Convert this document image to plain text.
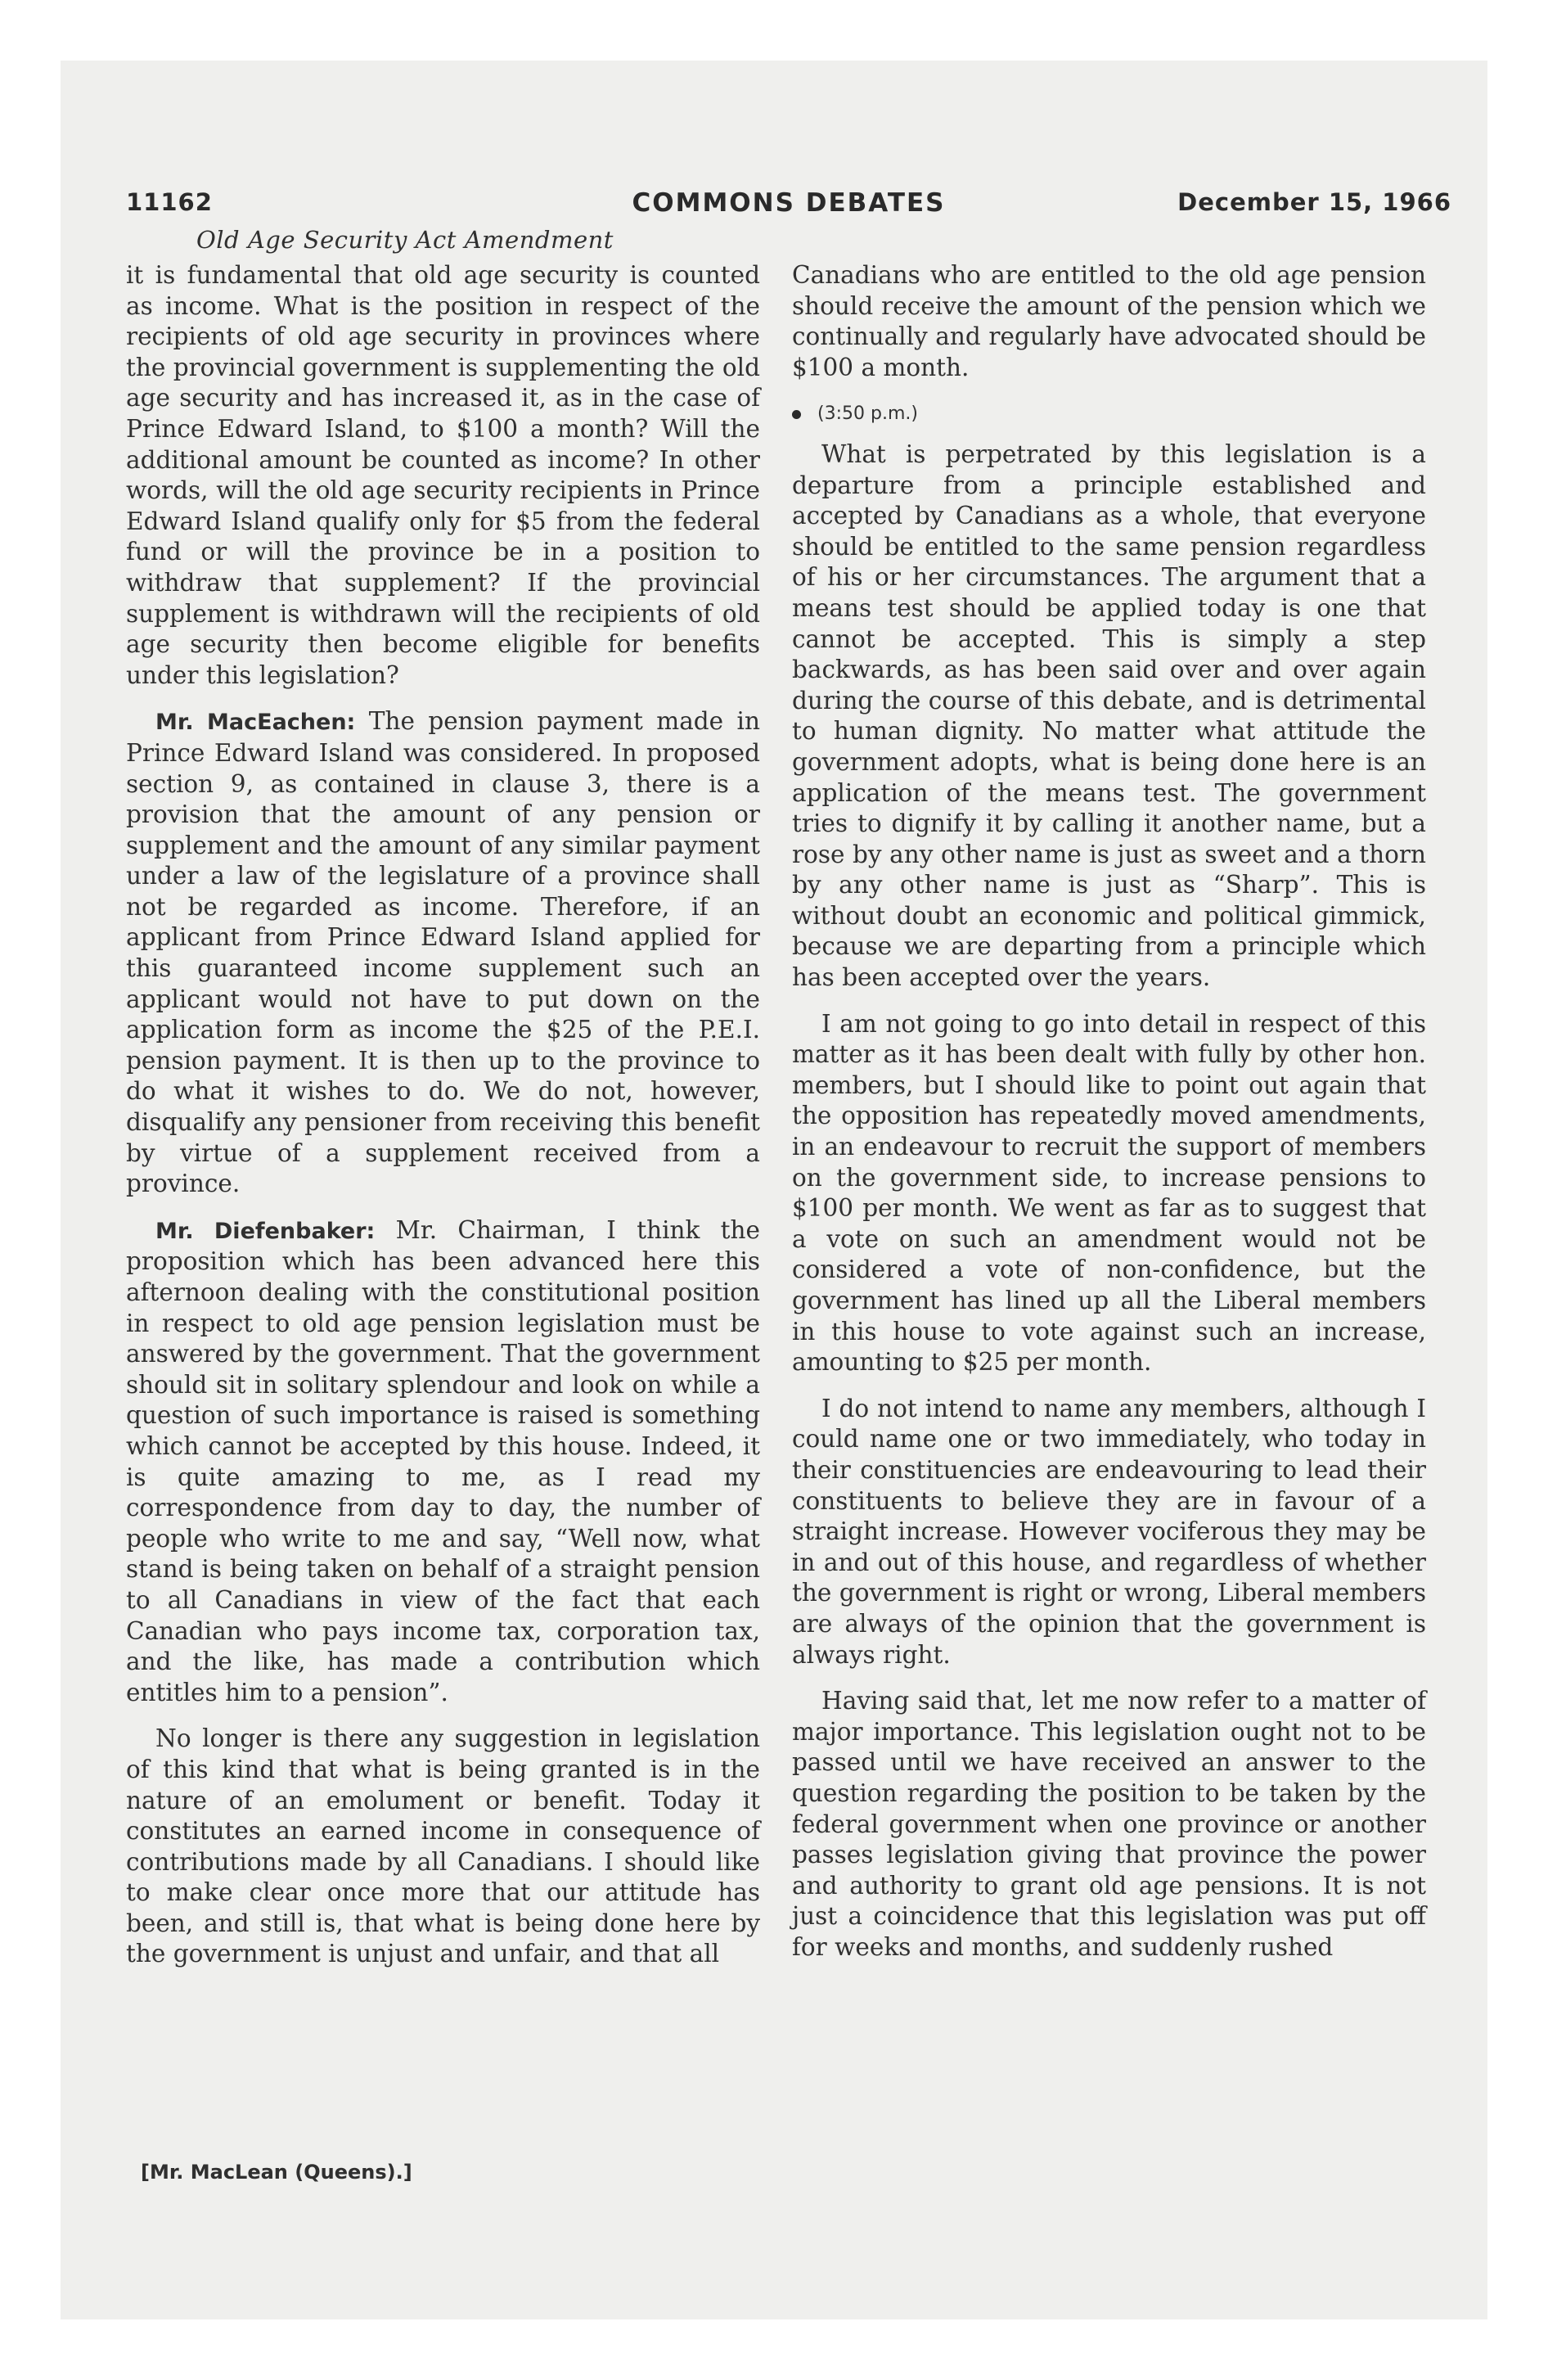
11162	COMMONS DEBATES	December 15, 1966
Old Age Security Act Amendment

it is fundamental that old age security is counted as income. What is the position in respect of the recipients of old age security in provinces where the provincial government is supplementing the old age security and has increased it, as in the case of Prince Edward Island, to $100 a month? Will the additional amount be counted as income? In other words, will the old age security recipients in Prince Edward Island qualify only for $5 from the federal fund or will the province be in a position to withdraw that supplement? If the provincial supplement is withdrawn will the recipients of old age security then become eligible for benefits under this legislation?

Mr. MacEachen: The pension payment made in Prince Edward Island was considered. In proposed section 9, as contained in clause 3, there is a provision that the amount of any pension or supplement and the amount of any similar payment under a law of the legislature of a province shall not be regarded as income. Therefore, if an applicant from Prince Edward Island applied for this guaranteed income supplement such an applicant would not have to put down on the application form as income the $25 of the P.E.I. pension payment. It is then up to the province to do what it wishes to do. We do not, however, disqualify any pensioner from receiving this benefit by virtue of a supplement received from a province.

Mr. Diefenbaker: Mr. Chairman, I think the proposition which has been advanced here this afternoon dealing with the constitutional position in respect to old age pension legislation must be answered by the government. That the government should sit in solitary splendour and look on while a question of such importance is raised is something which cannot be accepted by this house. Indeed, it is quite amazing to me, as I read my correspondence from day to day, the number of people who write to me and say, “Well now, what stand is being taken on behalf of a straight pension to all Canadians in view of the fact that each Canadian who pays income tax, corporation tax, and the like, has made a contribution which entitles him to a pension”.

No longer is there any suggestion in legislation of this kind that what is being granted is in the nature of an emolument or benefit. Today it constitutes an earned income in consequence of contributions made by all Canadians. I should like to make clear once more that our attitude has been, and still is, that what is being done here by the government is unjust and unfair, and that all

[Mr. MacLean (Queens).]

Canadians who are entitled to the old age pension should receive the amount of the pension which we continually and regularly have advocated should be $100 a month.

(3:50 p.m.)

What is perpetrated by this legislation is a departure from a principle established and accepted by Canadians as a whole, that everyone should be entitled to the same pension regardless of his or her circumstances. The argument that a means test should be applied today is one that cannot be accepted. This is simply a step backwards, as has been said over and over again during the course of this debate, and is detrimental to human dignity. No matter what attitude the government adopts, what is being done here is an application of the means test. The government tries to dignify it by calling it another name, but a rose by any other name is just as sweet and a thorn by any other name is just as “Sharp”. This is without doubt an economic and political gimmick, because we are departing from a principle which has been accepted over the years.

I am not going to go into detail in respect of this matter as it has been dealt with fully by other hon. members, but I should like to point out again that the opposition has repeatedly moved amendments, in an endeavour to recruit the support of members on the government side, to increase pensions to $100 per month. We went as far as to suggest that a vote on such an amendment would not be considered a vote of non-confidence, but the government has lined up all the Liberal members in this house to vote against such an increase, amounting to $25 per month.

I do not intend to name any members, although I could name one or two immediately, who today in their constituencies are endeavouring to lead their constituents to believe they are in favour of a straight increase. However vociferous they may be in and out of this house, and regardless of whether the government is right or wrong, Liberal members are always of the opinion that the government is always right.

Having said that, let me now refer to a matter of major importance. This legislation ought not to be passed until we have received an answer to the question regarding the position to be taken by the federal government when one province or another passes legislation giving that province the power and authority to grant old age pensions. It is not just a coincidence that this legislation was put off for weeks and months, and suddenly rushed
